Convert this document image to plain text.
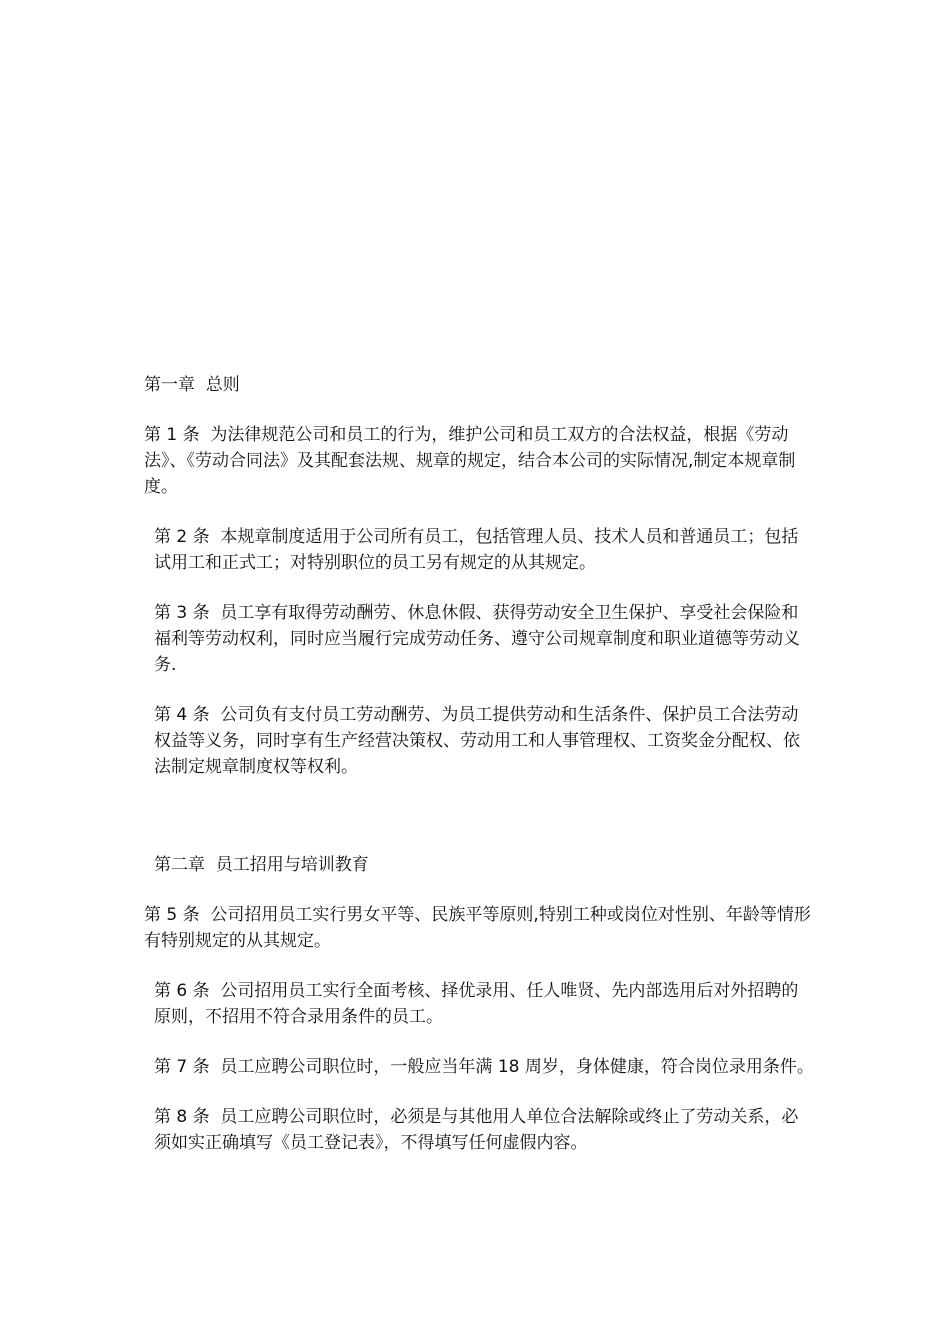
第一章  总则

第 1 条  为法律规范公司和员工的行为，维护公司和员工双方的合法权益，根据《劳动法》、《劳动合同法》及其配套法规、规章的规定，结合本公司的实际情况,制定本规章制度。

第 2 条  本规章制度适用于公司所有员工，包括管理人员、技术人员和普通员工；包括试用工和正式工；对特别职位的员工另有规定的从其规定。

第 3 条  员工享有取得劳动酬劳、休息休假、获得劳动安全卫生保护、享受社会保险和福利等劳动权利，同时应当履行完成劳动任务、遵守公司规章制度和职业道德等劳动义务.

第 4 条  公司负有支付员工劳动酬劳、为员工提供劳动和生活条件、保护员工合法劳动权益等义务，同时享有生产经营决策权、劳动用工和人事管理权、工资奖金分配权、依法制定规章制度权等权利。

第二章  员工招用与培训教育

第 5 条  公司招用员工实行男女平等、民族平等原则,特别工种或岗位对性别、年龄等情形有特别规定的从其规定。

第 6 条  公司招用员工实行全面考核、择优录用、任人唯贤、先内部选用后对外招聘的原则，不招用不符合录用条件的员工。

第 7 条  员工应聘公司职位时，一般应当年满 18 周岁，身体健康，符合岗位录用条件。

第 8 条  员工应聘公司职位时，必须是与其他用人单位合法解除或终止了劳动关系，必须如实正确填写《员工登记表》，不得填写任何虚假内容。
